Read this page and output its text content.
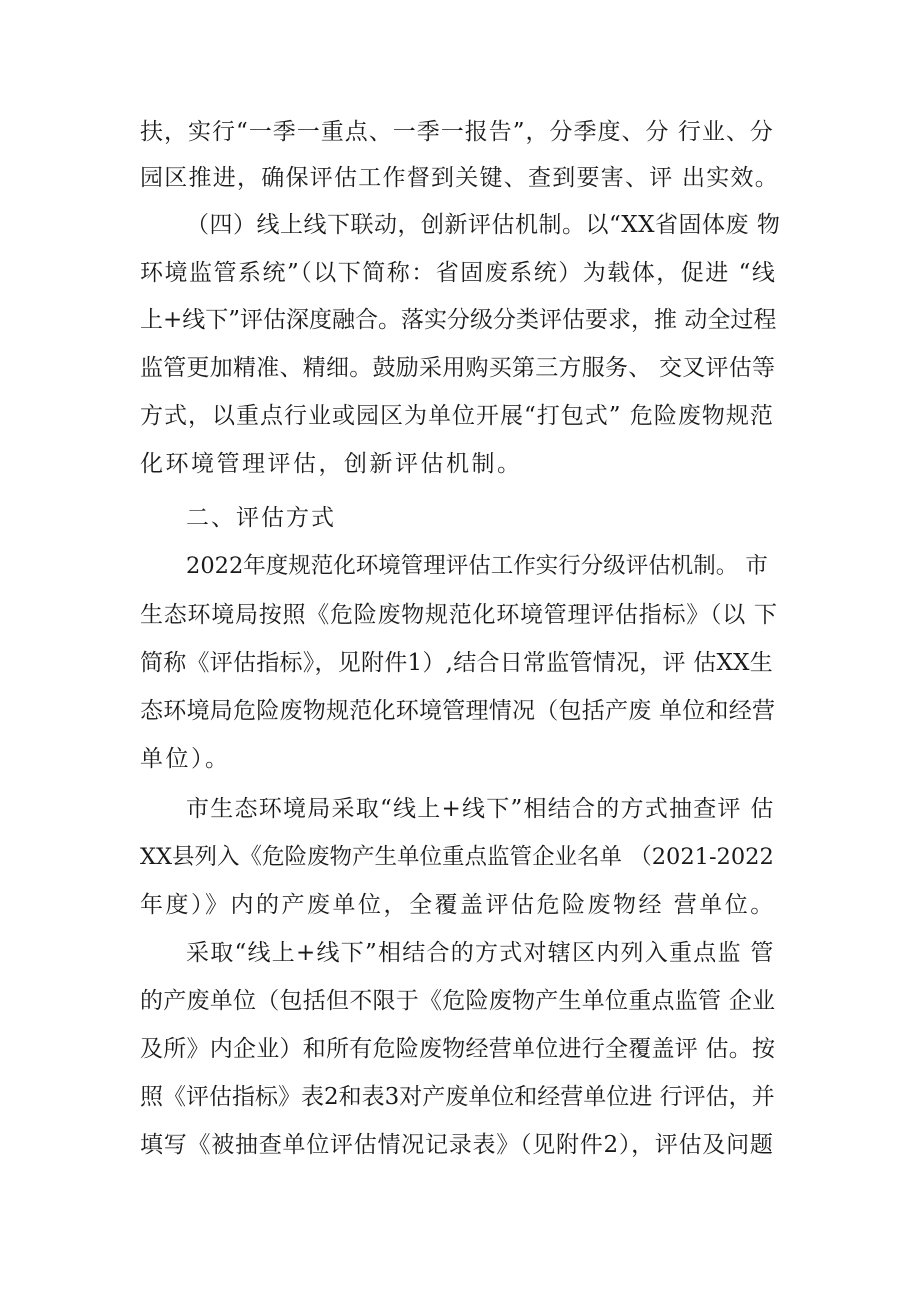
扶，实行“一季一重点、一季一报告”，分季度、分 行业、分
园区推进，确保评估工作督到关键、查到要害、评 出实效。
（四）线上线下联动，创新评估机制。以“XX省固体废 物
环境监管系统”（以下简称：省固废系统）为载体，促进 “线
上+线下”评估深度融合。落实分级分类评估要求，推 动全过程
监管更加精准、精细。鼓励采用购买第三方服务、 交叉评估等
方式，以重点行业或园区为单位开展“打包式” 危险废物规范
化环境管理评估，创新评估机制。
二、评估方式
2022年度规范化环境管理评估工作实行分级评估机制。 市
生态环境局按照《危险废物规范化环境管理评估指标》（以 下
简称《评估指标》，见附件1）,结合日常监管情况，评 估XX生
态环境局危险废物规范化环境管理情况（包括产废 单位和经营
单位）。
市生态环境局采取“线上+线下”相结合的方式抽查评 估
XX县列入《危险废物产生单位重点监管企业名单 （2021-2022
年度）》内的产废单位，全覆盖评估危险废物经 营单位。
采取“线上+线下”相结合的方式对辖区内列入重点监 管
的产废单位（包括但不限于《危险废物产生单位重点监管 企业
及所》内企业）和所有危险废物经营单位进行全覆盖评 估。按
照《评估指标》表2和表3对产废单位和经营单位进 行评估，并
填写《被抽查单位评估情况记录表》（见附件2），评估及问题
